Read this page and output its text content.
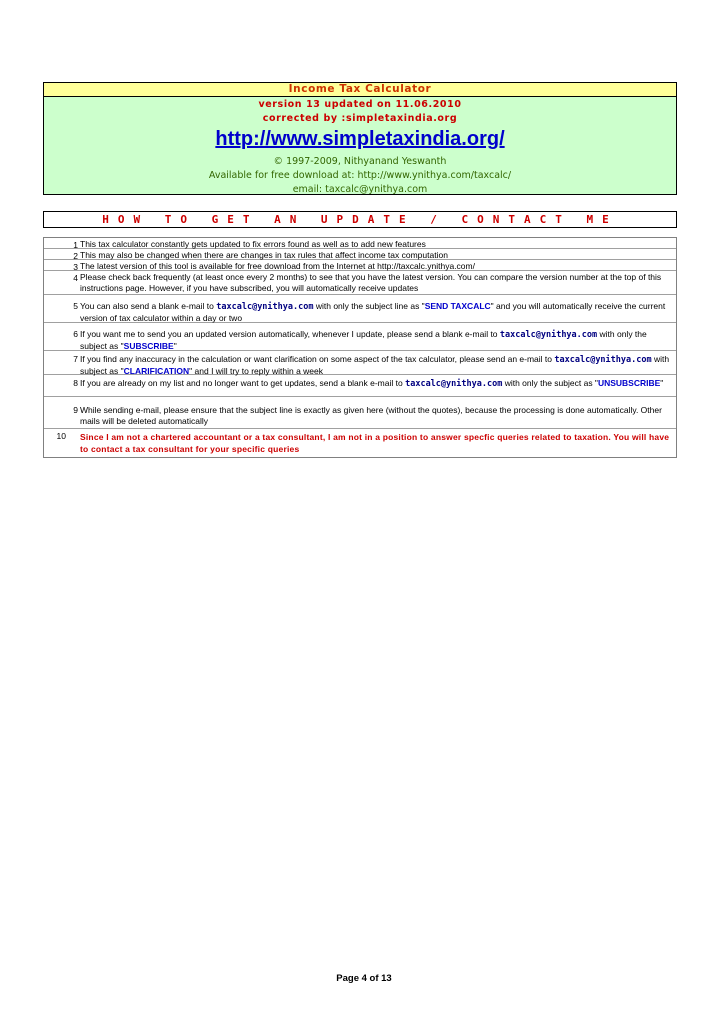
Income Tax Calculator
version 13 updated on 11.06.2010
corrected by :simpletaxindia.org
http://www.simpletaxindia.org/
© 1997-2009, Nithyanand Yeswanth
Available for free download at: http://www.ynithya.com/taxcalc/
email: taxcalc@ynithya.com
HOW TO GET AN UPDATE / CONTACT ME
1 This tax calculator constantly gets updated to fix errors found as well as to add new features
2 This may also be changed when there are changes in tax rules that affect income tax computation
3 The latest version of this tool is available for free download from the Internet at http://taxcalc.ynithya.com/
4 Please check back frequently (at least once every 2 months) to see that you have the latest version. You can compare the version number at the top of this instructions page. However, if you have subscribed, you will automatically receive updates
5 You can also send a blank e-mail to taxcalc@ynithya.com with only the subject line as "SEND TAXCALC" and you will automatically receive the current version of tax calculator within a day or two
6 If you want me to send you an updated version automatically, whenever I update, please send a blank e-mail to taxcalc@ynithya.com with only the subject as "SUBSCRIBE"
7 If you find any inaccuracy in the calculation or want clarification on some aspect of the tax calculator, please send an e-mail to taxcalc@ynithya.com with subject as "CLARIFICATION" and I will try to reply within a week
8 If you are already on my list and no longer want to get updates, send a blank e-mail to taxcalc@ynithya.com with only the subject as "UNSUBSCRIBE"
9 While sending e-mail, please ensure that the subject line is exactly as given here (without the quotes), because the processing is done automatically. Other mails will be deleted automatically
10 Since I am not a chartered accountant or a tax consultant, I am not in a position to answer specfic queries related to taxation. You will have to contact a tax consultant for your specific queries
Page 4 of 13
